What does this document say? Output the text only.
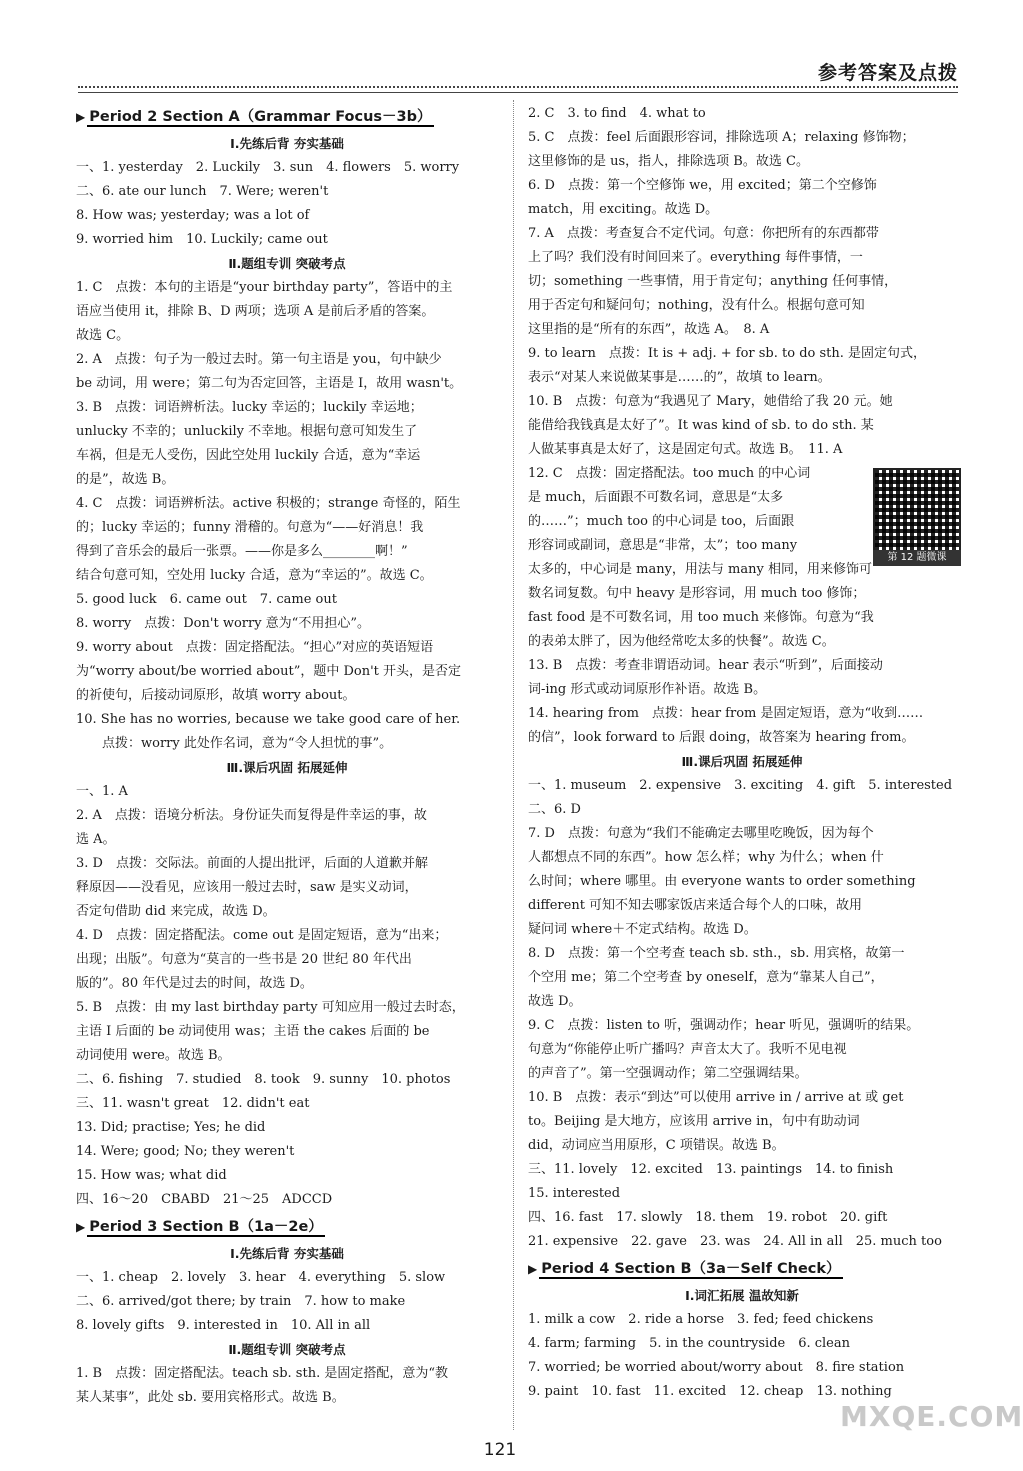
参考答案及点拨
▶ Period 2 Section A（Grammar Focus－3b）
Ⅰ.先练后背 夯实基础
一、1. yesterday　2. Luckily　3. sun　4. flowers　5. worry
二、6. ate our lunch　7. Were; weren't
8. How was; yesterday; was a lot of
9. worried him　10. Luckily; came out
Ⅱ.题组专训 突破考点
1. C　点拨：本句的主语是“your birthday party”，答语中的主
语应当使用 it，排除 B、D 两项；选项 A 是前后矛盾的答案。
故选 C。
2. A　点拨：句子为一般过去时。第一句主语是 you，句中缺少
be 动词，用 were；第二句为否定回答，主语是 I，故用 wasn't。
3. B　点拨：词语辨析法。lucky 幸运的；luckily 幸运地；
unlucky 不幸的；unluckily 不幸地。根据句意可知发生了
车祸，但是无人受伤，因此空处用 luckily 合适，意为“幸运
的是”，故选 B。
4. C　点拨：词语辨析法。active 积极的；strange 奇怪的，陌生
的；lucky 幸运的；funny 滑稽的。句意为“——好消息！我
得到了音乐会的最后一张票。——你是多么________啊！”
结合句意可知，空处用 lucky 合适，意为“幸运的”。故选 C。
5. good luck　6. came out　7. came out
8. worry　点拨：Don't worry 意为“不用担心”。
9. worry about　点拨：固定搭配法。“担心”对应的英语短语
为“worry about/be worried about”，题中 Don't 开头，是否定
的祈使句，后接动词原形，故填 worry about。
10. She has no worries, because we take good care of her.
　　点拨：worry 此处作名词，意为“令人担忧的事”。
Ⅲ.课后巩固 拓展延伸
一、1. A
2. A　点拨：语境分析法。身份证失而复得是件幸运的事，故
选 A。
3. D　点拨：交际法。前面的人提出批评，后面的人道歉并解
释原因——没看见，应该用一般过去时，saw 是实义动词，
否定句借助 did 来完成，故选 D。
4. D　点拨：固定搭配法。come out 是固定短语，意为“出来；
出现；出版”。句意为“莫言的一些书是 20 世纪 80 年代出
版的”。80 年代是过去的时间，故选 D。
5. B　点拨：由 my last birthday party 可知应用一般过去时态，
主语 I 后面的 be 动词使用 was；主语 the cakes 后面的 be
动词使用 were。故选 B。
二、6. fishing　7. studied　8. took　9. sunny　10. photos
三、11. wasn't great　12. didn't eat
13. Did; practise; Yes; he did
14. Were; good; No; they weren't
15. How was; what did
四、16～20　CBABD　21～25　ADCCD
▶ Period 3 Section B（1a－2e）
Ⅰ.先练后背 夯实基础
一、1. cheap　2. lovely　3. hear　4. everything　5. slow
二、6. arrived/got there; by train　7. how to make
8. lovely gifts　9. interested in　10. All in all
Ⅱ.题组专训 突破考点
1. B　点拨：固定搭配法。teach sb. sth. 是固定搭配，意为“教
某人某事”，此处 sb. 要用宾格形式。故选 B。
2. C　3. to find　4. what to
5. C　点拨：feel 后面跟形容词，排除选项 A；relaxing 修饰物；
这里修饰的是 us，指人，排除选项 B。故选 C。
6. D　点拨：第一个空修饰 we，用 excited；第二个空修饰
match，用 exciting。故选 D。
7. A　点拨：考查复合不定代词。句意：你把所有的东西都带
上了吗？我们没有时间回来了。everything 每件事情，一
切；something 一些事情，用于肯定句；anything 任何事情，
用于否定句和疑问句；nothing，没有什么。根据句意可知
这里指的是“所有的东西”，故选 A。　8. A
9. to learn　点拨：It is + adj. + for sb. to do sth. 是固定句式，
表示“对某人来说做某事是……的”，故填 to learn。
10. B　点拨：句意为“我遇见了 Mary，她借给了我 20 元。她
能借给我钱真是太好了”。It was kind of sb. to do sth. 某
人做某事真是太好了，这是固定句式。故选 B。　11. A
12. C　点拨：固定搭配法。too much 的中心词
是 much，后面跟不可数名词，意思是“太多
的……”；much too 的中心词是 too，后面跟
形容词或副词，意思是“非常，太”；too many
太多的，中心词是 many，用法与 many 相同，用来修饰可
数名词复数。句中 heavy 是形容词，用 much too 修饰；
fast food 是不可数名词，用 too much 来修饰。句意为“我
的表弟太胖了，因为他经常吃太多的快餐”。故选 C。
13. B　点拨：考查非谓语动词。hear 表示“听到”，后面接动
词-ing 形式或动词原形作补语。故选 B。
14. hearing from　点拨：hear from 是固定短语，意为“收到……
的信”，look forward to 后跟 doing，故答案为 hearing from。
Ⅲ.课后巩固 拓展延伸
一、1. museum　2. expensive　3. exciting　4. gift　5. interested
二、6. D
7. D　点拨：句意为“我们不能确定去哪里吃晚饭，因为每个
人都想点不同的东西”。how 怎么样；why 为什么；when 什
么时间；where 哪里。由 everyone wants to order something
different 可知不知去哪家饭店来适合每个人的口味，故用
疑问词 where＋不定式结构。故选 D。
8. D　点拨：第一个空考查 teach sb. sth.，sb. 用宾格，故第一
个空用 me；第二个空考查 by oneself，意为“靠某人自己”，
故选 D。
9. C　点拨：listen to 听，强调动作；hear 听见，强调听的结果。
句意为“你能停止听广播吗？声音太大了。我听不见电视
的声音了”。第一空强调动作；第二空强调结果。
10. B　点拨：表示“到达”可以使用 arrive in / arrive at 或 get
to。Beijing 是大地方，应该用 arrive in，句中有助动词
did，动词应当用原形，C 项错误。故选 B。
三、11. lovely　12. excited　13. paintings　14. to finish
15. interested
四、16. fast　17. slowly　18. them　19. robot　20. gift
21. expensive　22. gave　23. was　24. All in all　25. much too
▶ Period 4 Section B（3a－Self Check）
Ⅰ.词汇拓展 温故知新
1. milk a cow　2. ride a horse　3. fed; feed chickens
4. farm; farming　5. in the countryside　6. clean
7. worried; be worried about/worry about　8. fire station
9. paint　10. fast　11. excited　12. cheap　13. nothing
第 12 题微课
121
MXQE.COM
